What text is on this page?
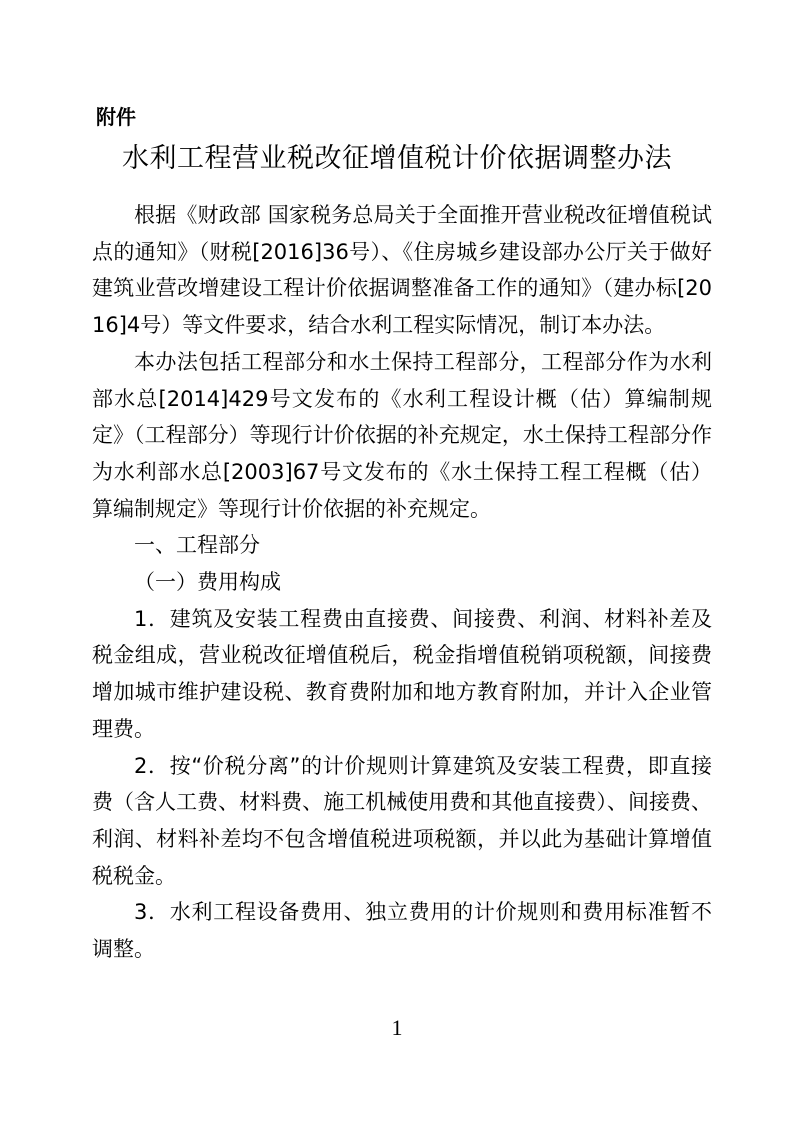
附件
水利工程营业税改征增值税计价依据调整办法

根据《财政部 国家税务总局关于全面推开营业税改征增值税试点的通知》（财税[2016]36号）、《住房城乡建设部办公厅关于做好建筑业营改增建设工程计价依据调整准备工作的通知》（建办标[2016]4号）等文件要求，结合水利工程实际情况，制订本办法。

本办法包括工程部分和水土保持工程部分，工程部分作为水利部水总[2014]429号文发布的《水利工程设计概（估）算编制规定》（工程部分）等现行计价依据的补充规定，水土保持工程部分作为水利部水总[2003]67号文发布的《水土保持工程工程概（估）算编制规定》等现行计价依据的补充规定。

一、工程部分

（一）费用构成

1．建筑及安装工程费由直接费、间接费、利润、材料补差及税金组成，营业税改征增值税后，税金指增值税销项税额，间接费增加城市维护建设税、教育费附加和地方教育附加，并计入企业管理费。

2．按“价税分离”的计价规则计算建筑及安装工程费，即直接费（含人工费、材料费、施工机械使用费和其他直接费）、间接费、利润、材料补差均不包含增值税进项税额，并以此为基础计算增值税税金。

3．水利工程设备费用、独立费用的计价规则和费用标准暂不调整。

1
